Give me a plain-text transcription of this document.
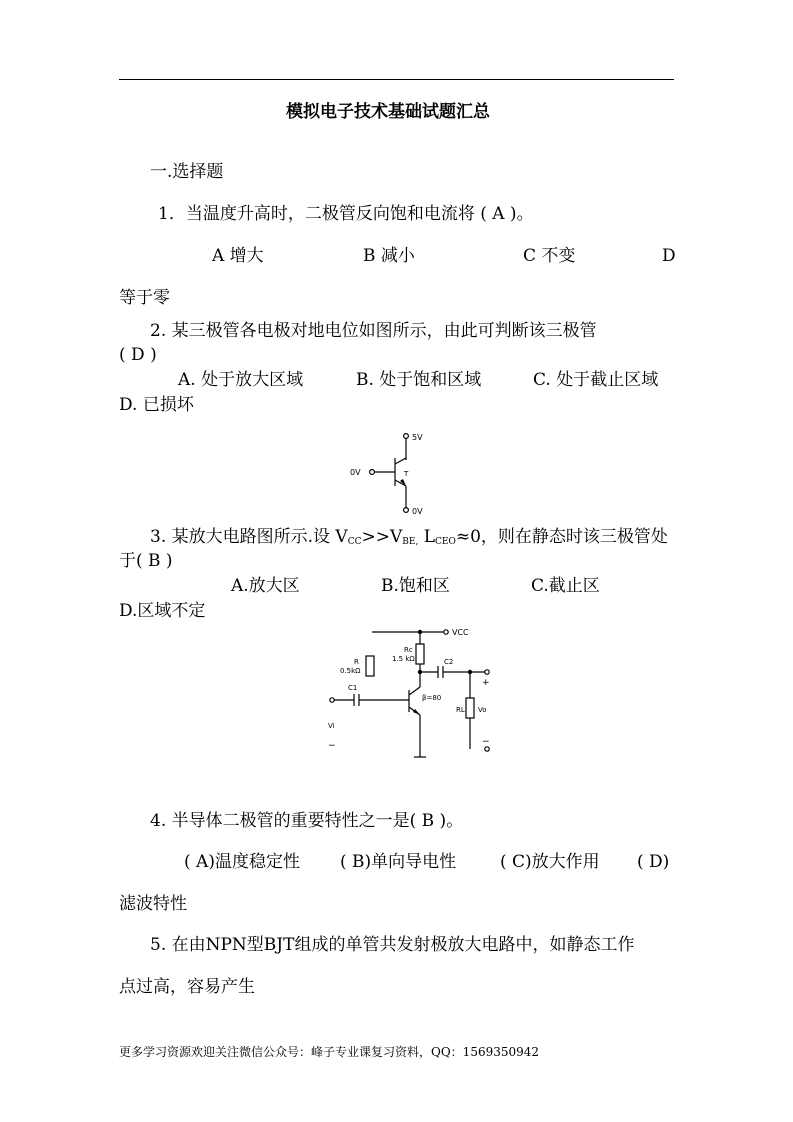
模拟电子技术基础试题汇总
一.选择题
1．当温度升高时，二极管反向饱和电流将 ( A )。
A 增大	B 减小	C 不变	D
等于零
2. 某三极管各电极对地电位如图所示，由此可判断该三极管
( D )
A. 处于放大区域	B. 处于饱和区域	C. 处于截止区域
D. 已损坏
5V
0V
0V
T
3. 某放大电路图所示.设 $V_{CC}>>V_{BE,}$ $L_{CEO}\approx 0$，则在静态时该三极管处
于( B )
A.放大区	B.饱和区	C.截止区
D.区域不定
VCC
Rc
1.5 kΩ
R
0.5kΩ
C1
C2
β=80
Vi
RL Vo
+
−
−
4. 半导体二极管的重要特性之一是( B )。
( A)温度稳定性 ( B)单向导电性	( C)放大作用 ( D)
滤波特性
5. 在由NPN型BJT组成的单管共发射极放大电路中，如静态工作
点过高，容易产生
更多学习资源欢迎关注微信公众号：峰子专业课复习资料，QQ：1569350942
